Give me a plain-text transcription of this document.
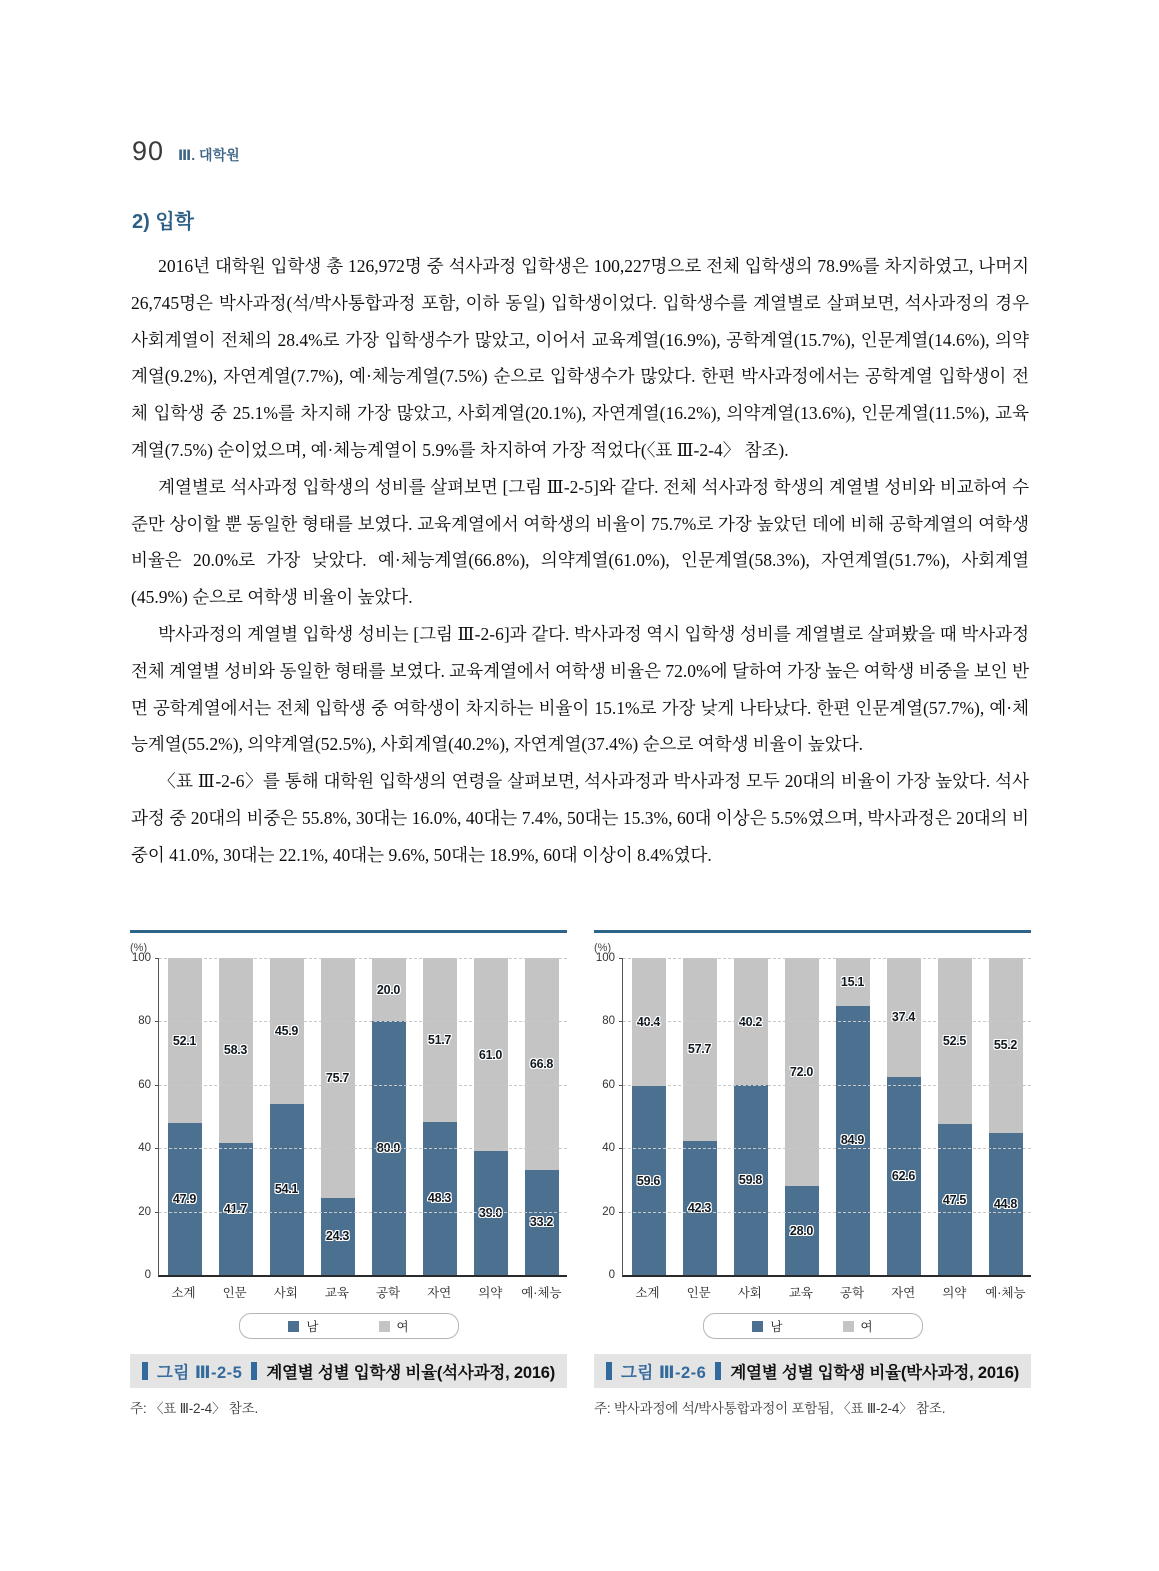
90 Ⅲ. 대학원
2) 입학

2016년 대학원 입학생 총 126,972명 중 석사과정 입학생은 100,227명으로 전체 입학생의 78.9%를 차지하였고, 나머지 26,745명은 박사과정(석/박사통합과정 포함, 이하 동일) 입학생이었다. 입학생수를 계열별로 살펴보면, 석사과정의 경우 사회계열이 전체의 28.4%로 가장 입학생수가 많았고, 이어서 교육계열(16.9%), 공학계열(15.7%), 인문계열(14.6%), 의약계열(9.2%), 자연계열(7.7%), 예·체능계열(7.5%) 순으로 입학생수가 많았다. 한편 박사과정에서는 공학계열 입학생이 전체 입학생 중 25.1%를 차지해 가장 많았고, 사회계열(20.1%), 자연계열(16.2%), 의약계열(13.6%), 인문계열(11.5%), 교육계열(7.5%) 순이었으며, 예·체능계열이 5.9%를 차지하여 가장 적었다(〈표 Ⅲ-2-4〉 참조).

계열별로 석사과정 입학생의 성비를 살펴보면 [그림 Ⅲ-2-5]와 같다. 전체 석사과정 학생의 계열별 성비와 비교하여 수준만 상이할 뿐 동일한 형태를 보였다. 교육계열에서 여학생의 비율이 75.7%로 가장 높았던 데에 비해 공학계열의 여학생 비율은 20.0%로 가장 낮았다. 예·체능계열(66.8%), 의약계열(61.0%), 인문계열(58.3%), 자연계열(51.7%), 사회계열(45.9%) 순으로 여학생 비율이 높았다.

박사과정의 계열별 입학생 성비는 [그림 Ⅲ-2-6]과 같다. 박사과정 역시 입학생 성비를 계열별로 살펴봤을 때 박사과정 전체 계열별 성비와 동일한 형태를 보였다. 교육계열에서 여학생 비율은 72.0%에 달하여 가장 높은 여학생 비중을 보인 반면 공학계열에서는 전체 입학생 중 여학생이 차지하는 비율이 15.1%로 가장 낮게 나타났다. 한편 인문계열(57.7%), 예·체능계열(55.2%), 의약계열(52.5%), 사회계열(40.2%), 자연계열(37.4%) 순으로 여학생 비율이 높았다.

〈표 Ⅲ-2-6〉를 통해 대학원 입학생의 연령을 살펴보면, 석사과정과 박사과정 모두 20대의 비율이 가장 높았다. 석사과정 중 20대의 비중은 55.8%, 30대는 16.0%, 40대는 7.4%, 50대는 15.3%, 60대 이상은 5.5%였으며, 박사과정은 20대의 비중이 41.0%, 30대는 22.1%, 40대는 9.6%, 50대는 18.9%, 60대 이상이 8.4%였다.

(%)
0
20
40
60
80
100
52.1
47.9
58.3
41.7
45.9
54.1
75.7
24.3
20.0
80.0
51.7
48.3
61.0
39.0
66.8
33.2
소계	인문	사회	교육	공학	자연	의약	예·체능
남	여
그림 Ⅲ-2-5 계열별 성별 입학생 비율(석사과정, 2016)
주: 〈표 Ⅲ-2-4〉 참조.
(%)
0
20
40
60
80
100
40.4
59.6
57.7
42.3
40.2
59.8
72.0
28.0
15.1
84.9
37.4
62.6
52.5
47.5
55.2
44.8
소계	인문	사회	교육	공학	자연	의약	예·체능
남	여
그림 Ⅲ-2-6 계열별 성별 입학생 비율(박사과정, 2016)
주: 박사과정에 석/박사통합과정이 포함됨, 〈표 Ⅲ-2-4〉 참조.
